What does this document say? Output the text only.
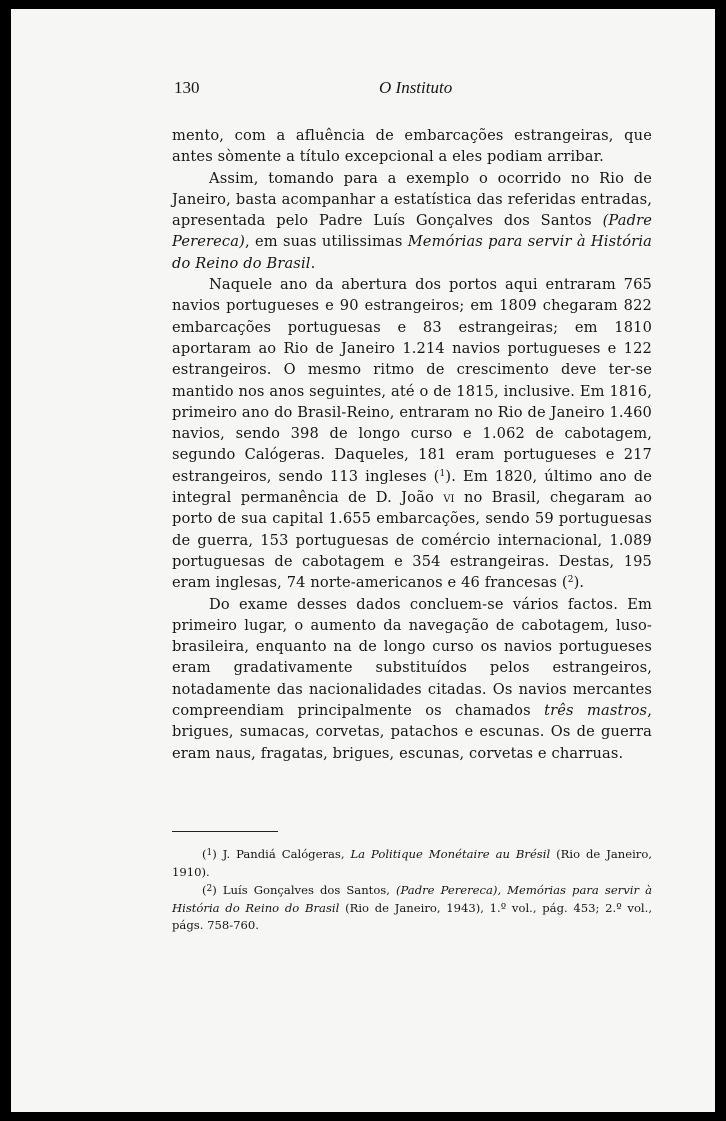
130	O Instituto

mento, com a afluência de embarcações estrangeiras, que antes sòmente a título excepcional a eles podiam arribar.

Assim, tomando para a exemplo o ocorrido no Rio de Janeiro, basta acompanhar a estatística das referidas entradas, apresentada pelo Padre Luís Gonçalves dos Santos (Padre Perereca), em suas utilissimas Memórias para servir à História do Reino do Brasil.

Naquele ano da abertura dos portos aqui entraram 765 navios portugueses e 90 estrangeiros; em 1809 chegaram 822 embarcações portuguesas e 83 estrangeiras; em 1810 aportaram ao Rio de Janeiro 1.214 navios portugueses e 122 estrangeiros. O mesmo ritmo de crescimento deve ter-se mantido nos anos seguintes, até o de 1815, inclusive. Em 1816, primeiro ano do Brasil-Reino, entraram no Rio de Janeiro 1.460 navios, sendo 398 de longo curso e 1.062 de cabotagem, segundo Calógeras. Daqueles, 181 eram portugueses e 217 estrangeiros, sendo 113 ingleses ($^1$). Em 1820, último ano de integral permanência de D. João vi no Brasil, chegaram ao porto de sua capital 1.655 embarcações, sendo 59 portuguesas de guerra, 153 portuguesas de comércio internacional, 1.089 portuguesas de cabotagem e 354 estrangeiras. Destas, 195 eram inglesas, 74 norte-americanos e 46 francesas ($^2$).

Do exame desses dados concluem-se vários factos. Em primeiro lugar, o aumento da navegação de cabotagem, luso-brasileira, enquanto na de longo curso os navios portugueses eram gradativamente substituídos pelos estrangeiros, notadamente das nacionalidades citadas. Os navios mercantes compreendiam principalmente os chamados três mastros, brigues, sumacas, corvetas, patachos e escunas. Os de guerra eram naus, fragatas, brigues, escunas, corvetas e charruas.

($^1$) J. Pandiá Calógeras, La Politique Monétaire au Brésil (Rio de Janeiro, 1910).

($^2$) Luís Gonçalves dos Santos, (Padre Perereca), Memórias para servir à História do Reino do Brasil (Rio de Janeiro, 1943), 1.º vol., pág. 453; 2.º vol., págs. 758-760.
